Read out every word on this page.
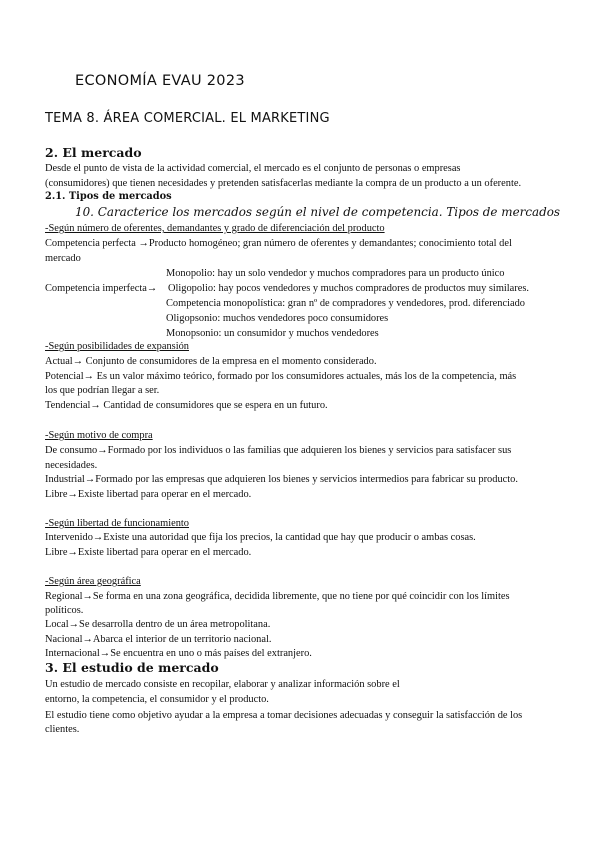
ECONOMÍA EVAU 2023
TEMA 8. ÁREA COMERCIAL. EL MARKETING
2. El mercado
Desde el punto de vista de la actividad comercial, el mercado es el conjunto de personas o empresas
(consumidores) que tienen necesidades y pretenden satisfacerlas mediante la compra de un producto a un oferente.
2.1. Tipos de mercados
10. Caracterice los mercados según el nivel de competencia. Tipos de mercados
-Según número de oferentes, demandantes y grado de diferenciación del producto
Competencia perfecta →Producto homogéneo; gran número de oferentes y demandantes; conocimiento total del
mercado
Monopolio: hay un solo vendedor y muchos compradores para un producto único
Competencia imperfecta→ Oligopolio: hay pocos vendedores y muchos compradores de productos muy similares.
Competencia monopolística: gran nº de compradores y vendedores, prod. diferenciado
Oligopsonio: muchos vendedores poco consumidores
Monopsonio: un consumidor y muchos vendedores
-Según posibilidades de expansión
Actual→ Conjunto de consumidores de la empresa en el momento considerado.
Potencial→ Es un valor máximo teórico, formado por los consumidores actuales, más los de la competencia, más
los que podrían llegar a ser.
Tendencial→ Cantidad de consumidores que se espera en un futuro.
-Según motivo de compra
De consumo→Formado por los individuos o las familias que adquieren los bienes y servicios para satisfacer sus
necesidades.
Industrial→Formado por las empresas que adquieren los bienes y servicios intermedios para fabricar su producto.
Libre→Existe libertad para operar en el mercado.
-Según libertad de funcionamiento
Intervenido→Existe una autoridad que fija los precios, la cantidad que hay que producir o ambas cosas.
Libre→Existe libertad para operar en el mercado.
-Según área geográfica
Regional→Se forma en una zona geográfica, decidida libremente, que no tiene por qué coincidir con los límites
políticos.
Local→Se desarrolla dentro de un área metropolitana.
Nacional→Abarca el interior de un territorio nacional.
Internacional→Se encuentra en uno o más países del extranjero.
3. El estudio de mercado
Un estudio de mercado consiste en recopilar, elaborar y analizar información sobre el
entorno, la competencia, el consumidor y el producto.
El estudio tiene como objetivo ayudar a la empresa a tomar decisiones adecuadas y conseguir la satisfacción de los
clientes.
